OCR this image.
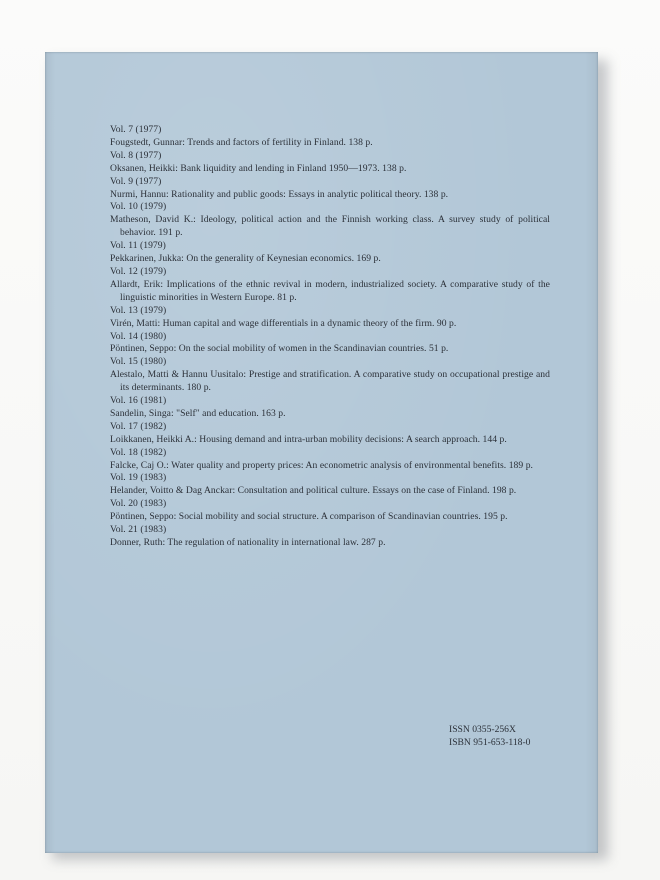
Vol. 7 (1977)
Fougstedt, Gunnar: Trends and factors of fertility in Finland. 138 p.
Vol. 8 (1977)
Oksanen, Heikki: Bank liquidity and lending in Finland 1950—1973. 138 p.
Vol. 9 (1977)
Nurmi, Hannu: Rationality and public goods: Essays in analytic political theory. 138 p.
Vol. 10 (1979)
Matheson, David K.: Ideology, political action and the Finnish working class. A survey study of political behavior. 191 p.
Vol. 11 (1979)
Pekkarinen, Jukka: On the generality of Keynesian economics. 169 p.
Vol. 12 (1979)
Allardt, Erik: Implications of the ethnic revival in modern, industrialized society. A comparative study of the linguistic minorities in Western Europe. 81 p.
Vol. 13 (1979)
Virén, Matti: Human capital and wage differentials in a dynamic theory of the firm. 90 p.
Vol. 14 (1980)
Pöntinen, Seppo: On the social mobility of women in the Scandinavian countries. 51 p.
Vol. 15 (1980)
Alestalo, Matti & Hannu Uusitalo: Prestige and stratification. A comparative study on occupational prestige and its determinants. 180 p.
Vol. 16 (1981)
Sandelin, Singa: "Self" and education. 163 p.
Vol. 17 (1982)
Loikkanen, Heikki A.: Housing demand and intra-urban mobility decisions: A search approach. 144 p.
Vol. 18 (1982)
Falcke, Caj O.: Water quality and property prices: An econometric analysis of environmental benefits. 189 p.
Vol. 19 (1983)
Helander, Voitto & Dag Anckar: Consultation and political culture. Essays on the case of Finland. 198 p.
Vol. 20 (1983)
Pöntinen, Seppo: Social mobility and social structure. A comparison of Scandinavian countries. 195 p.
Vol. 21 (1983)
Donner, Ruth: The regulation of nationality in international law. 287 p.
ISSN 0355-256X
ISBN 951-653-118-0
